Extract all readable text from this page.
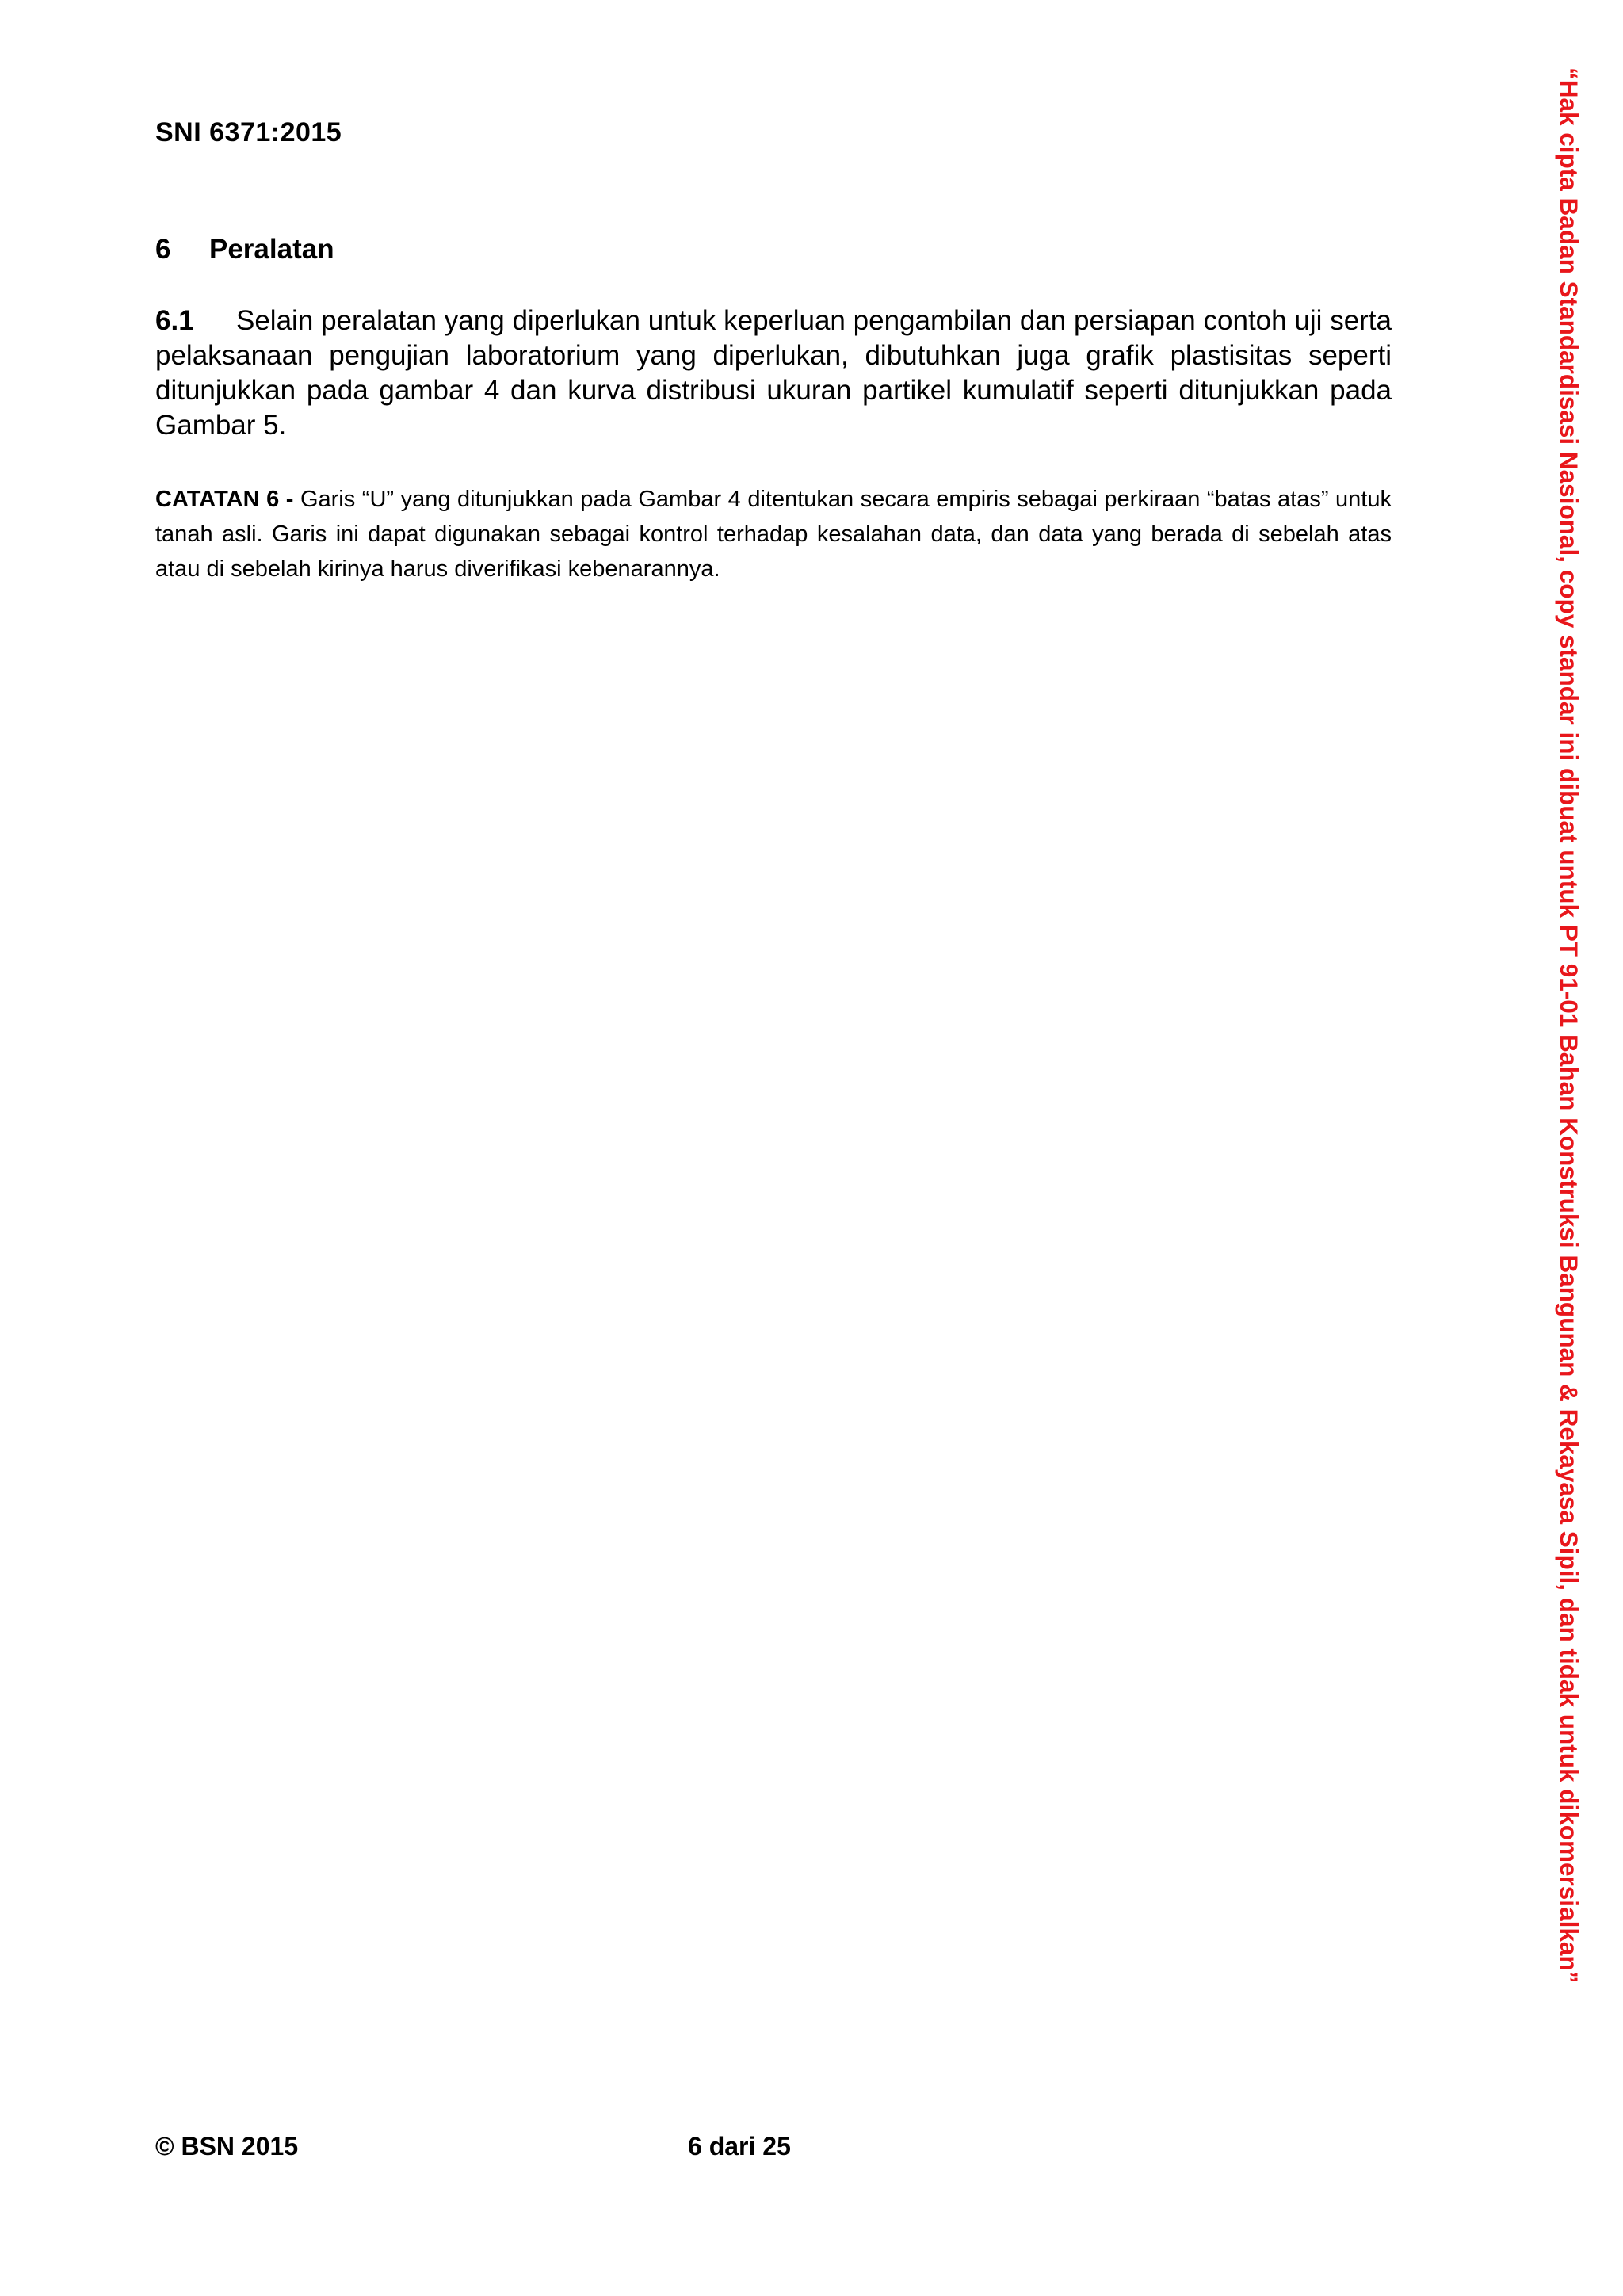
SNI 6371:2015
6 Peralatan
6.1 Selain peralatan yang diperlukan untuk keperluan pengambilan dan persiapan contoh uji serta pelaksanaan pengujian laboratorium yang diperlukan, dibutuhkan juga grafik plastisitas seperti ditunjukkan pada gambar 4 dan kurva distribusi ukuran partikel kumulatif seperti ditunjukkan pada Gambar 5.
CATATAN 6 - Garis “U” yang ditunjukkan pada Gambar 4 ditentukan secara empiris sebagai perkiraan “batas atas” untuk tanah asli. Garis ini dapat digunakan sebagai kontrol terhadap kesalahan data, dan data yang berada di sebelah atas atau di sebelah kirinya harus diverifikasi kebenarannya.
© BSN 2015	6 dari 25
“Hak cipta Badan Standardisasi Nasional, copy standar ini dibuat untuk PT 91-01 Bahan Konstruksi Bangunan & Rekayasa Sipil, dan tidak untuk dikomersialkan”
